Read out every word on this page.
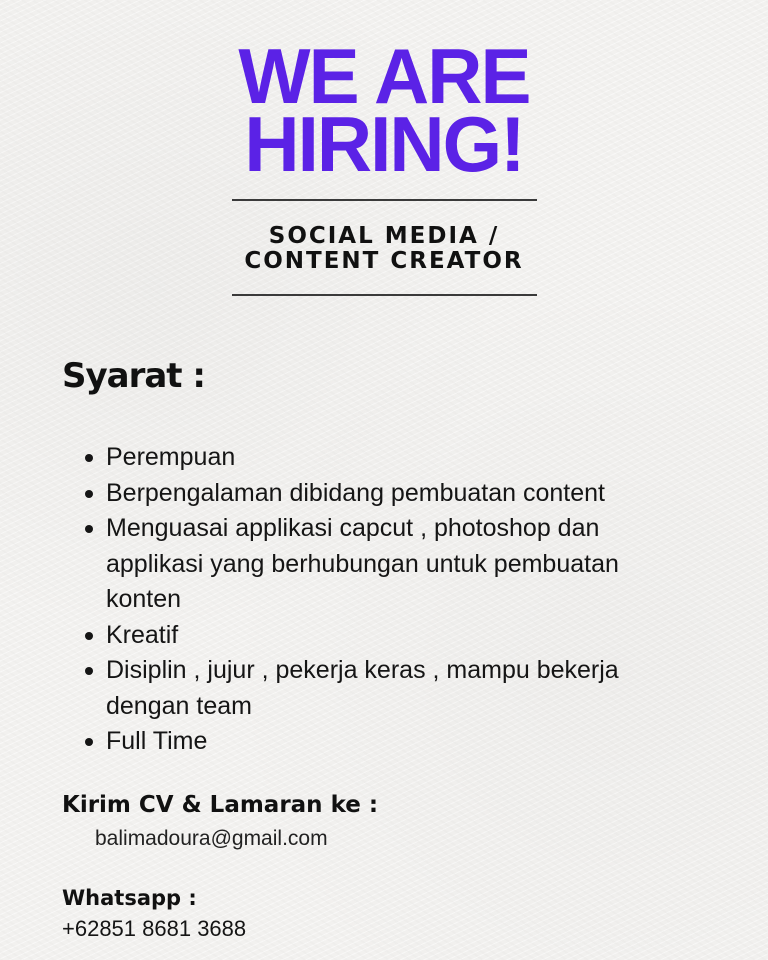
WE ARE
HIRING!
SOCIAL MEDIA /
CONTENT CREATOR
Syarat :
Perempuan
Berpengalaman dibidang pembuatan content
Menguasai applikasi capcut , photoshop dan applikasi yang berhubungan untuk pembuatan konten
Kreatif
Disiplin , jujur , pekerja keras , mampu bekerja dengan team
Full Time
Kirim CV & Lamaran ke :
balimadoura@gmail.com
Whatsapp :
+62851 8681 3688
